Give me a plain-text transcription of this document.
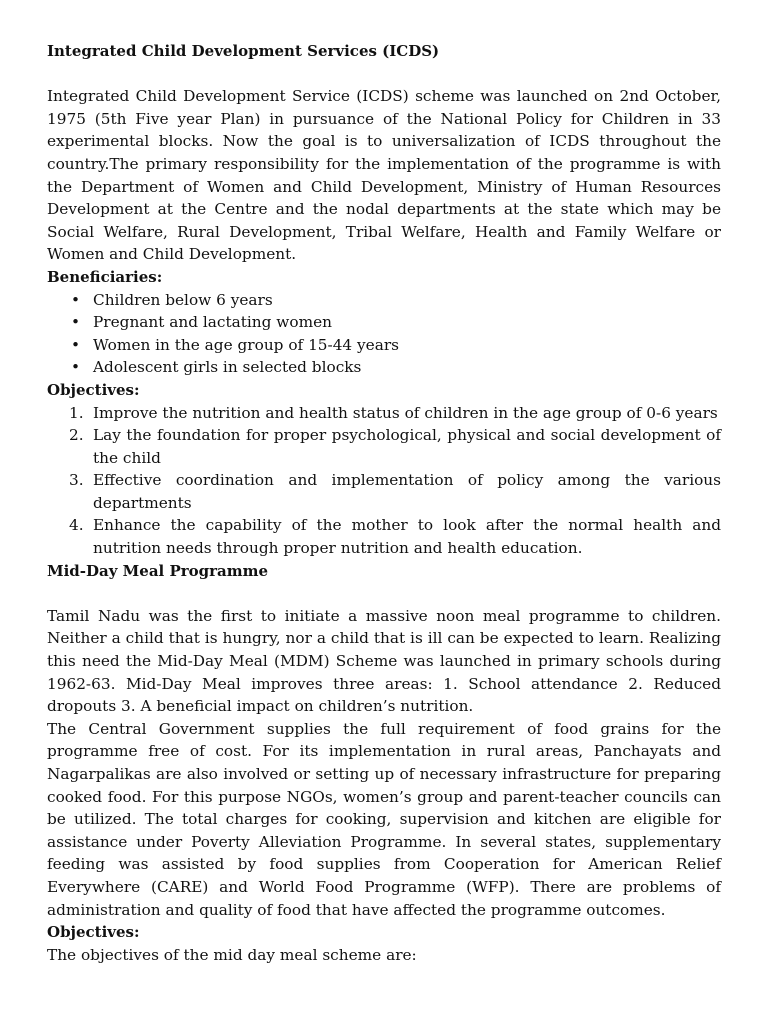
Integrated Child Development Services (ICDS)

Integrated Child Development Service (ICDS) scheme was launched on 2nd October, 1975 (5th Five year Plan) in pursuance of the National Policy for Children in 33 experimental blocks. Now the goal is to universalization of ICDS throughout the country.The primary responsibility for the implementation of the programme is with the Department of Women and Child Development, Ministry of Human Resources Development at the Centre and the nodal departments at the state which may be Social Welfare, Rural Development, Tribal Welfare, Health and Family Welfare or Women and Child Development.

Beneficiaries:

• Children below 6 years
• Pregnant and lactating women
• Women in the age group of 15-44 years
• Adolescent girls in selected blocks

Objectives:

1. Improve the nutrition and health status of children in the age group of 0-6 years
2. Lay the foundation for proper psychological, physical and social development of the child
3. Effective coordination and implementation of policy among the various departments
4. Enhance the capability of the mother to look after the normal health and nutrition needs through proper nutrition and health education.

Mid-Day Meal Programme

Tamil Nadu was the first to initiate a massive noon meal programme to children. Neither a child that is hungry, nor a child that is ill can be expected to learn. Realizing this need the Mid-Day Meal (MDM) Scheme was launched in primary schools during 1962-63. Mid-Day Meal improves three areas: 1. School attendance 2. Reduced dropouts 3. A beneficial impact on children’s nutrition.

The Central Government supplies the full requirement of food grains for the programme free of cost. For its implementation in rural areas, Panchayats and Nagarpalikas are also involved or setting up of necessary infrastructure for preparing cooked food. For this purpose NGOs, women’s group and parent-teacher councils can be utilized. The total charges for cooking, supervision and kitchen are eligible for assistance under Poverty Alleviation Programme. In several states, supplementary feeding was assisted by food supplies from Cooperation for American Relief Everywhere (CARE) and World Food Programme (WFP). There are problems of administration and quality of food that have affected the programme outcomes.

Objectives:

The objectives of the mid day meal scheme are:
